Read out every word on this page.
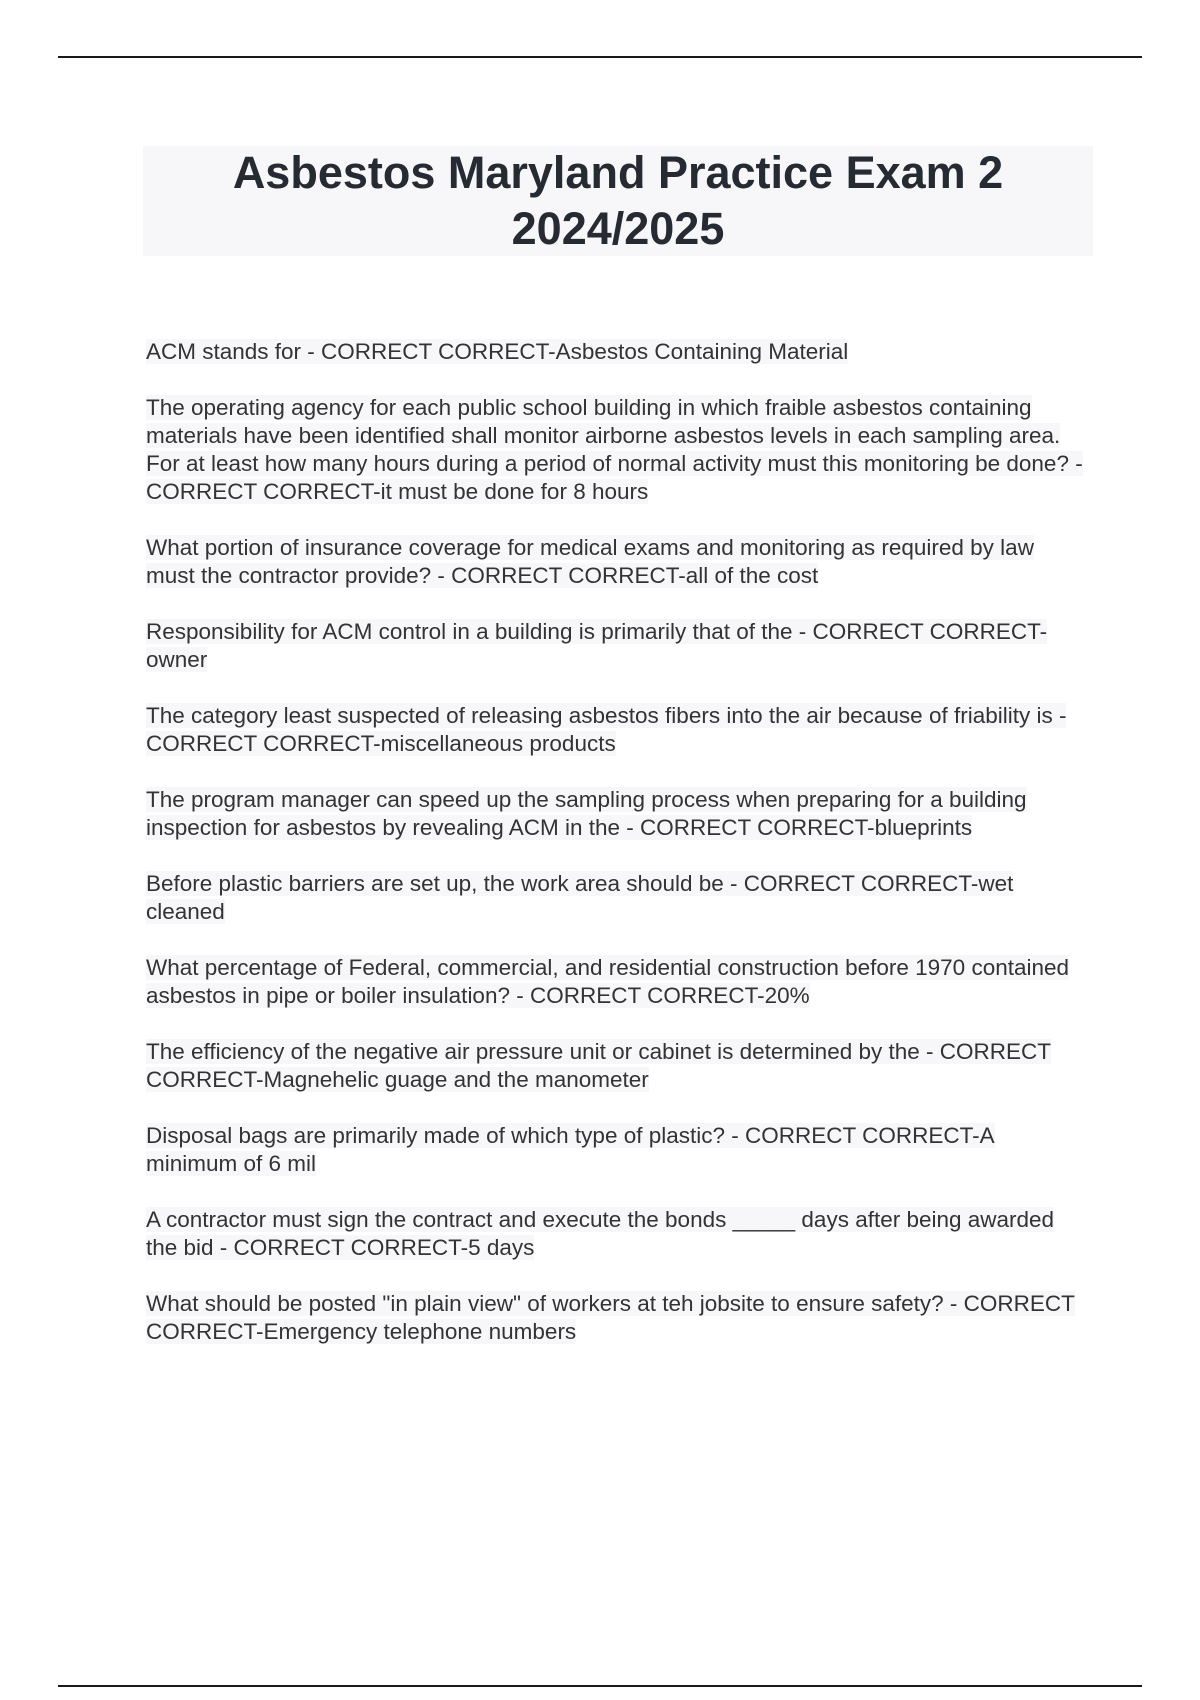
Asbestos Maryland Practice Exam 2 2024/2025
ACM stands for - CORRECT CORRECT-Asbestos Containing Material
The operating agency for each public school building in which fraible asbestos containing materials have been identified shall monitor airborne asbestos levels in each sampling area. For at least how many hours during a period of normal activity must this monitoring be done? - CORRECT CORRECT-it must be done for 8 hours
What portion of insurance coverage for medical exams and monitoring as required by law must the contractor provide? - CORRECT CORRECT-all of the cost
Responsibility for ACM control in a building is primarily that of the - CORRECT CORRECT-owner
The category least suspected of releasing asbestos fibers into the air because of friability is - CORRECT CORRECT-miscellaneous products
The program manager can speed up the sampling process when preparing for a building inspection for asbestos by revealing ACM in the - CORRECT CORRECT-blueprints
Before plastic barriers are set up, the work area should be - CORRECT CORRECT-wet cleaned
What percentage of Federal, commercial, and residential construction before 1970 contained asbestos in pipe or boiler insulation? - CORRECT CORRECT-20%
The efficiency of the negative air pressure unit or cabinet is determined by the - CORRECT CORRECT-Magnehelic guage and the manometer
Disposal bags are primarily made of which type of plastic? - CORRECT CORRECT-A minimum of 6 mil
A contractor must sign the contract and execute the bonds _____ days after being awarded the bid - CORRECT CORRECT-5 days
What should be posted "in plain view" of workers at teh jobsite to ensure safety? - CORRECT CORRECT-Emergency telephone numbers
